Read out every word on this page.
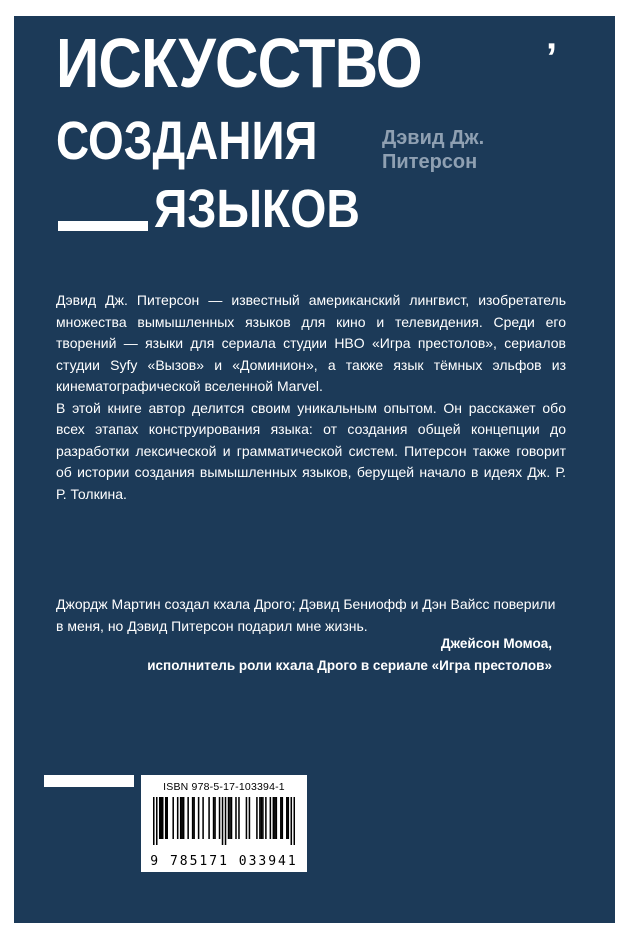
ИСКУССТВО	’
СОЗДАНИЯ
ЯЗЫКОВ
Дэвид Дж.
Питерсон

Дэвид Дж. Питерсон — известный американский лингвист, изобретатель множества вымышленных языков для кино и телевидения. Среди его творений — языки для сериала студии HBO «Игра престолов», сериалов студии Syfy «Вызов» и «Доминион», а также язык тёмных эльфов из кинематографической вселенной Marvel.

В этой книге автор делится своим уникальным опытом. Он расскажет обо всех этапах конструирования языка: от создания общей концепции до разработки лексической и грамматической систем. Питерсон также говорит об истории создания вымышленных языков, берущей начало в идеях Дж. Р. Р. Толкина.

Джордж Мартин создал кхала Дрого; Дэвид Бениофф и Дэн Вайсс поверили в меня, но Дэвид Питерсон подарил мне жизнь.
Джейсон Момоа,
исполнитель роли кхала Дрого в сериале «Игра престолов»
ISBN 978-5-17-103394-1
9 785171 033941
